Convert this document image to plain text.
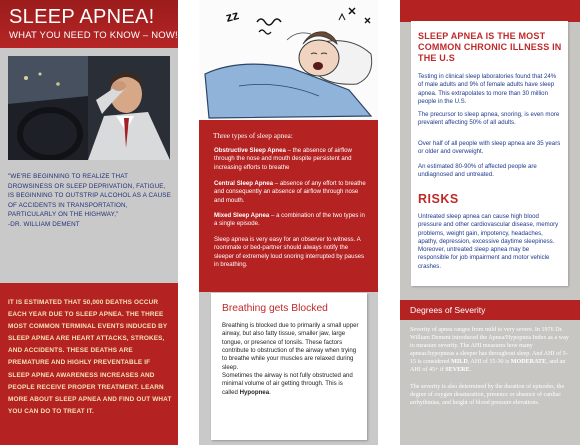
SLEEP APNEA!
WHAT YOU NEED TO KNOW – NOW!
"WE'RE BEGINNING TO REALIZE THAT DROWSINESS OR SLEEP DEPRIVATION, FATIGUE, IS BEGINNING TO OUTSTRIP ALCOHOL AS A CAUSE OF ACCIDENTS IN TRANSPORTATION, PARTICULARLY ON THE HIGHWAY,"
-DR. WILLIAM DEMENT
IT IS ESTIMATED THAT 50,000 DEATHS OCCUR EACH YEAR DUE TO SLEEP APNEA. THE THREE MOST COMMON TERMINAL EVENTS INDUCED BY SLEEP APNEA ARE HEART ATTACKS, STROKES, AND ACCIDENTS. THESE DEATHS ARE PREMATURE AND HIGHLY PREVENTABLE IF SLEEP APNEA AWARENESS INCREASES AND PEOPLE RECEIVE PROPER TREATMENT. LEARN MORE ABOUT SLEEP APNEA AND FIND OUT WHAT YOU CAN DO TO TREAT IT.
zz
Three types of sleep apnea:
Obstructive Sleep Apnea – the absence of airflow through the nose and mouth despite persistent and increasing efforts to breathe
Central Sleep Apnea – absence of any effort to breathe and consequently an absence of airflow through nose and mouth.
Mixed Sleep Apnea – a combination of the two types in a single episode.
Sleep apnea is very easy for an observer to witness. A roommate or bed-partner should always notify the sleeper of extremely loud snoring interrupted by pauses in breathing.
Breathing gets Blocked
Breathing is blocked due to primarily a small upper airway, but also fatty tissue, smaller jaw, large tongue, or presence of tonsils. These factors contribute to obstruction of the airway when trying to breathe while your muscles are relaxed during sleep.
Sometimes the airway is not fully obstructed and minimal volume of air getting through. This is called Hypopnea.
SLEEP APNEA IS THE MOST COMMON CHRONIC ILLNESS IN THE U.S
Testing in clinical sleep laboratories found that 24% of male adults and 9% of female adults have sleep apnea. This extrapolates to more than 30 million people in the U.S.
The precursor to sleep apnea, snoring, is even more prevalent affecting 50% of all adults.
Over half of all people with sleep apnea are 35 years or older and overweight.
An estimated 80-90% of affected people are undiagnosed and untreated.
RISKS
Untreated sleep apnea can cause high blood pressure and other cardiovascular disease, memory problems, weight gain, impotency, headaches, apathy, depression, excessive daytime sleepiness. Moreover, untreated sleep apnea may be responsible for job impairment and motor vehicle crashes.
Degrees of Severity
Severity of apnea ranges from mild to very severe. In 1976 Dr. William Dement introduced the Apnea/Hypopnea Index as a way to measure severity. The AHI measures how many apneas/hypopneas a sleeper has throughout sleep. And AHI of 5-15 is considered MILD, AHI of 15-30 is MODERATE, and an AHI of 45+ if SEVERE.

The severity is also determined by the duration of episodes, the degree of oxygen desaturation, presence or absence of cardiac arrhythmias, and height of blood pressure elevations.
